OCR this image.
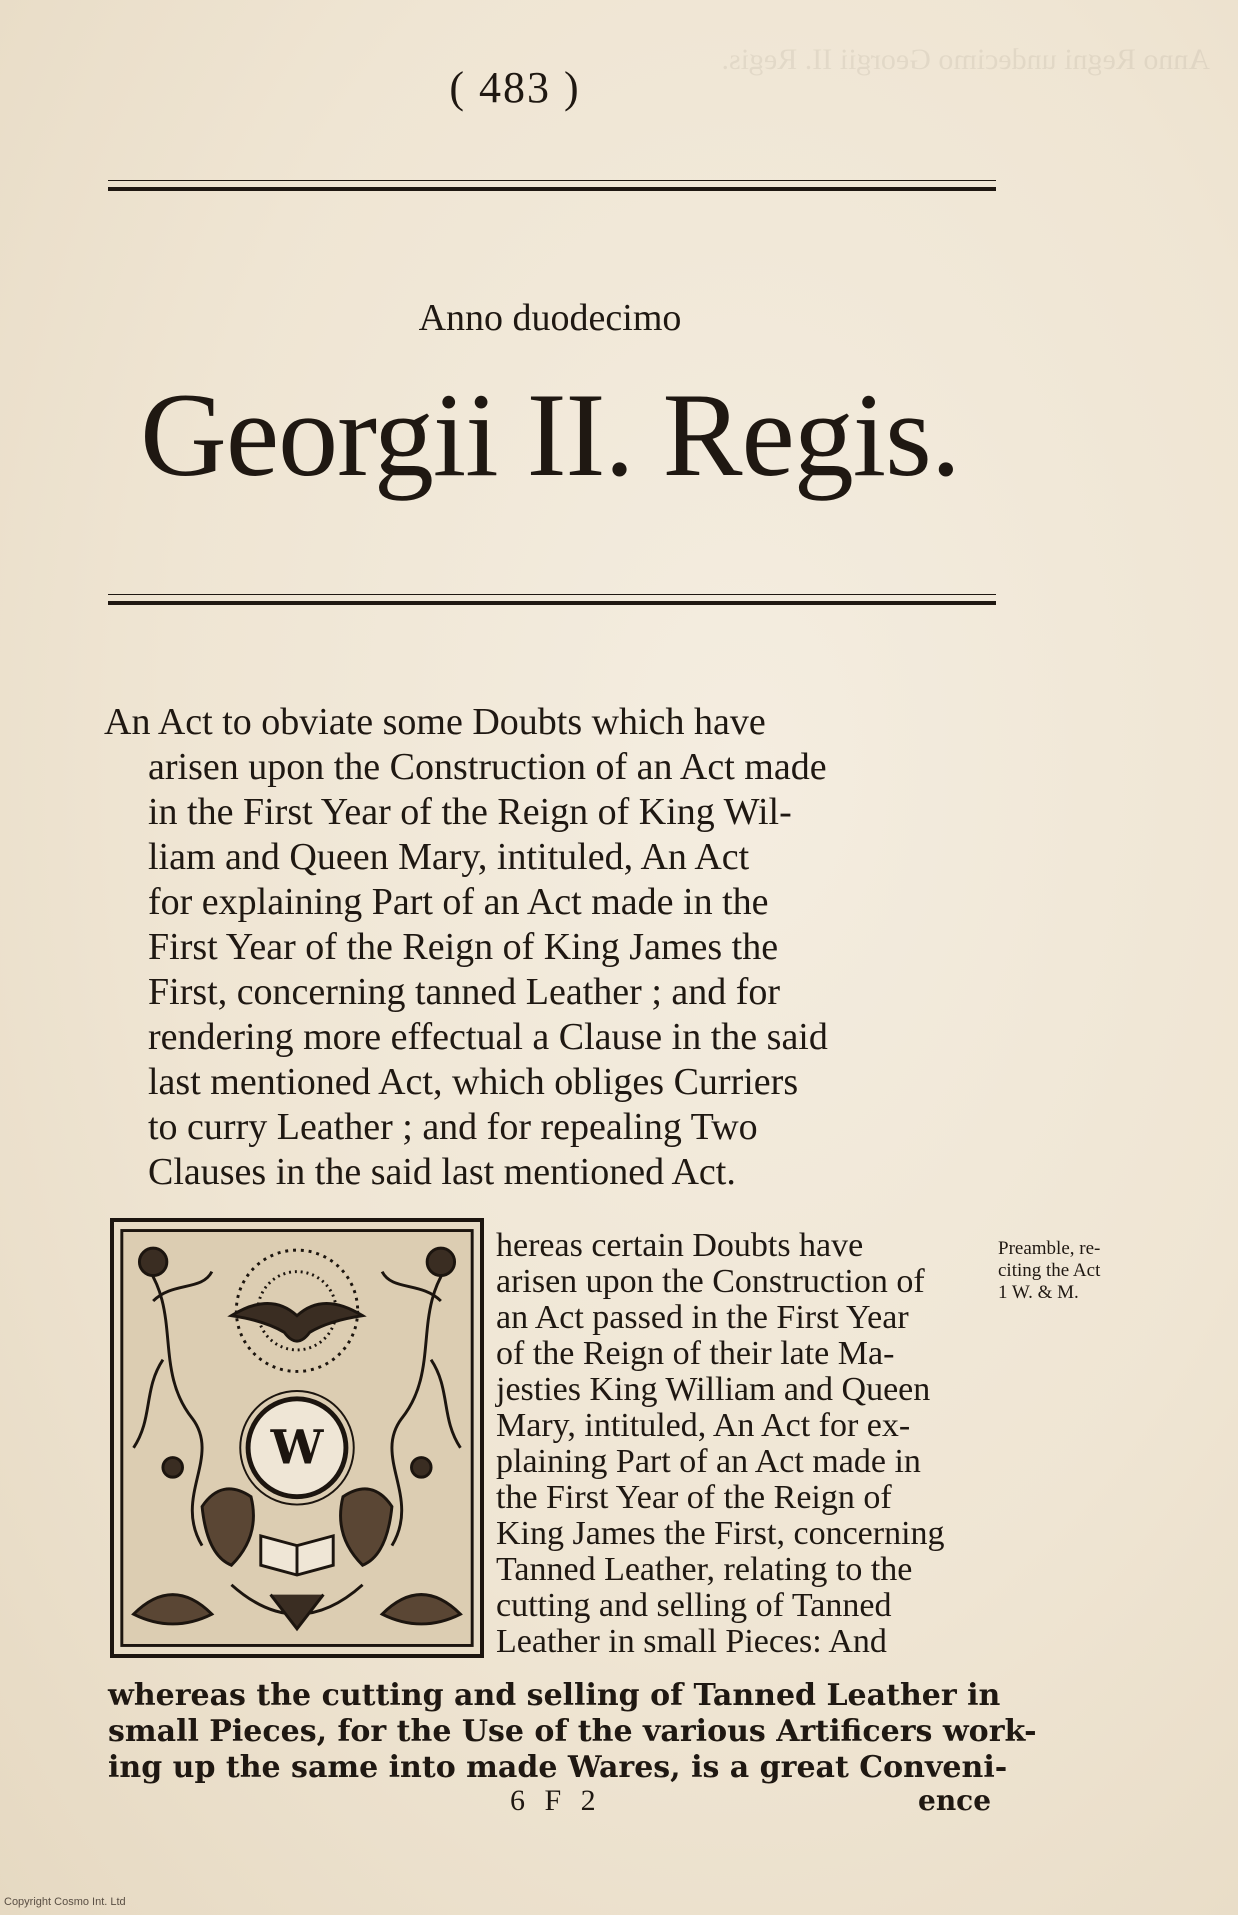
Anno Regni undecimo Georgii II. Regis.
( 483 )
Anno duodecimo
Georgii II. Regis.
An Act to obviate some Doubts which have
arisen upon the Construction of an Act made
in the First Year of the Reign of King Wil-
liam and Queen Mary, intituled, An Act
for explaining Part of an Act made in the
First Year of the Reign of King James the
First, concerning tanned Leather ; and for
rendering more effectual a Clause in the said
last mentioned Act, which obliges Curriers
to curry Leather ; and for repealing Two
Clauses in the said last mentioned Act.
W
hereas certain Doubts have
arisen upon the Construction of
an Act passed in the First Year
of the Reign of their late Ma-
jesties King William and Queen
Mary, intituled, An Act for ex-
plaining Part of an Act made in
the First Year of the Reign of
King James the First, concerning
Tanned Leather, relating to the
cutting and selling of Tanned
Leather in small Pieces: And
whereas the cutting and selling of Tanned Leather in
small Pieces, for the Use of the various Artificers work-
ing up the same into made Wares, is a great Conveni-
Preamble, re-
citing the Act
1 W. & M.
6 F 2	ence
Copyright Cosmo Int. Ltd
